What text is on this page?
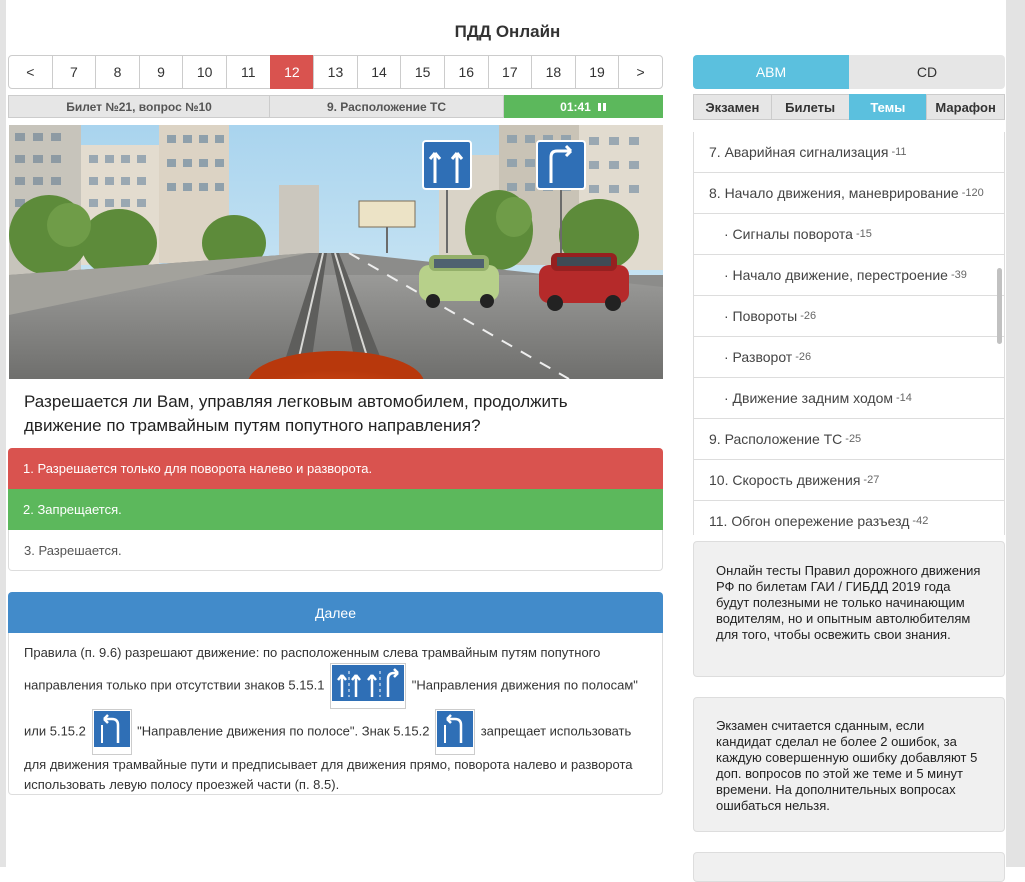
ПДД Онлайн
<	7	8	9	10	11	12	13	14	15	16	17	18	19	>
Билет №21, вопрос №10	9. Расположение ТС	01:41
Разрешается ли Вам, управляя легковым автомобилем, продолжить движение по трамвайным путям попутного направления?
1. Разрешается только для поворота налево и разворота.
2. Запрещается.
3. Разрешается.
Далее
Правила (п. 9.6) разрешают движение: по расположенным слева трамвайным путям попутного направления только при отсутствии знаков 5.15.1	"Направления движения по полосам" или 5.15.2	"Направление движения по полосе". Знак 5.15.2	запрещает использовать для движения трамвайные пути и предписывает для движения прямо, поворота налево и разворота использовать левую полосу проезжей части (п. 8.5).
ABM	CD
Экзамен	Билеты	Темы	Марафон
7. Аварийная сигнализация -11
8. Начало движения, маневрирование -120
· Сигналы поворота -15
· Начало движение, перестроение -39
· Повороты -26
· Разворот -26
· Движение задним ходом -14
9. Расположение ТС -25
10. Скорость движения -27
11. Обгон опережение разъезд -42
Онлайн тесты Правил дорожного движения РФ по билетам ГАИ / ГИБДД 2019 года будут полезными не только начинающим водителям, но и опытным автолюбителям для того, чтобы освежить свои знания.
Экзамен считается сданным, если кандидат сделал не более 2 ошибок, за каждую совершенную ошибку добавляют 5 доп. вопросов по этой же теме и 5 минут времени. На дополнительных вопросах ошибаться нельзя.
